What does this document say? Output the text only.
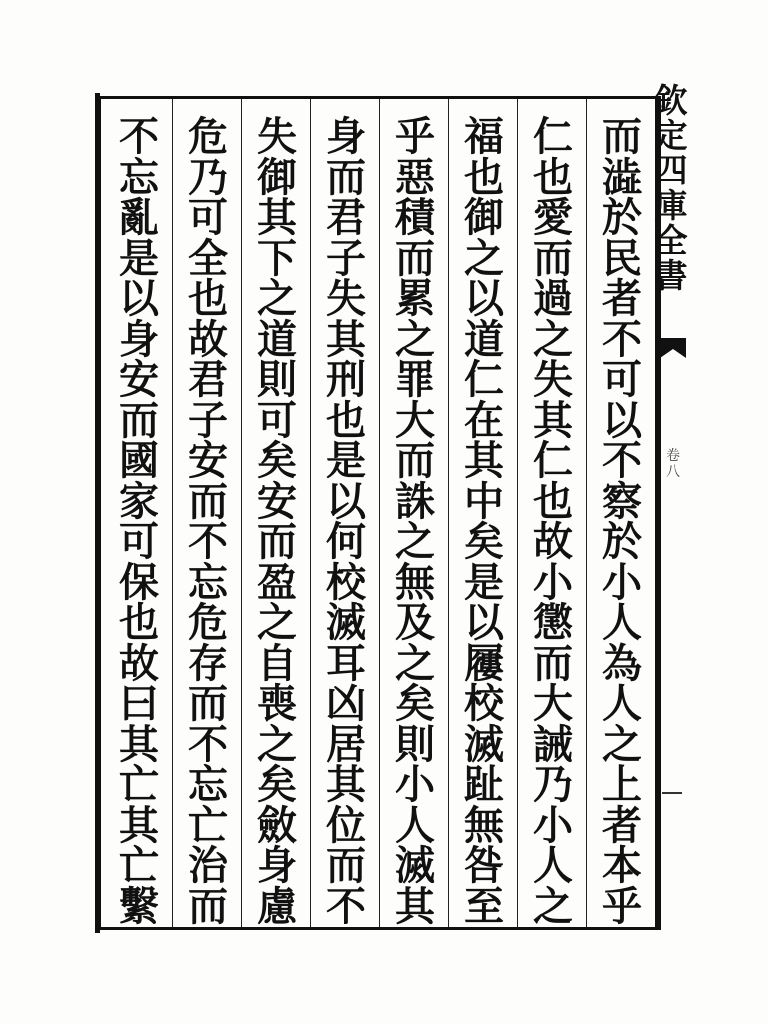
而
澁
於
民
者
不
可
以
不
察
於
小
人
為
人
之
上
者
本
乎
仁
也
愛
而
過
之
失
其
仁
也
故
小
懲
而
大
誡
乃
小
人
之
福
也
御
之
以
道
仁
在
其
中
矣
是
以
屨
校
滅
趾
無
咎
至
乎
惡
積
而
累
之
罪
大
而
誅
之
無
及
之
矣
則
小
人
滅
其
身
而
君
子
失
其
刑
也
是
以
何
校
滅
耳
凶
居
其
位
而
不
失
御
其
下
之
道
則
可
矣
安
而
盈
之
自
喪
之
矣
斂
身
慮
危
乃
可
全
也
故
君
子
安
而
不
忘
危
存
而
不
忘
亡
治
而
不
忘
亂
是
以
身
安
而
國
家
可
保
也
故
曰
其
亡
其
亡
繫
欽
定
四
庫
全
書
卷
八
